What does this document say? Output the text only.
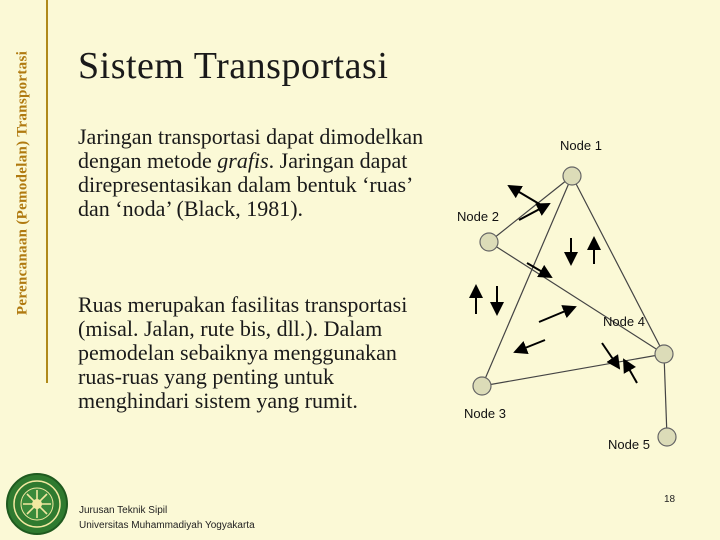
Perencanaan (Pemodelan) Transportasi Sistem Transportasi
Jaringan transportasi dapat dimodelkan dengan metode grafis. Jaringan dapat direpresentasikan dalam bentuk ‘ruas’ dan ‘noda’ (Black, 1981).
Ruas merupakan fasilitas transportasi (misal. Jalan, rute bis, dll.). Dalam pemodelan sebaiknya menggunakan ruas-ruas yang penting untuk menghindari sistem yang rumit.
Node 1
Node 2
Node 3
Node 4
Node 5
Jurusan Teknik Sipil
Universitas Muhammadiyah Yogyakarta
18
